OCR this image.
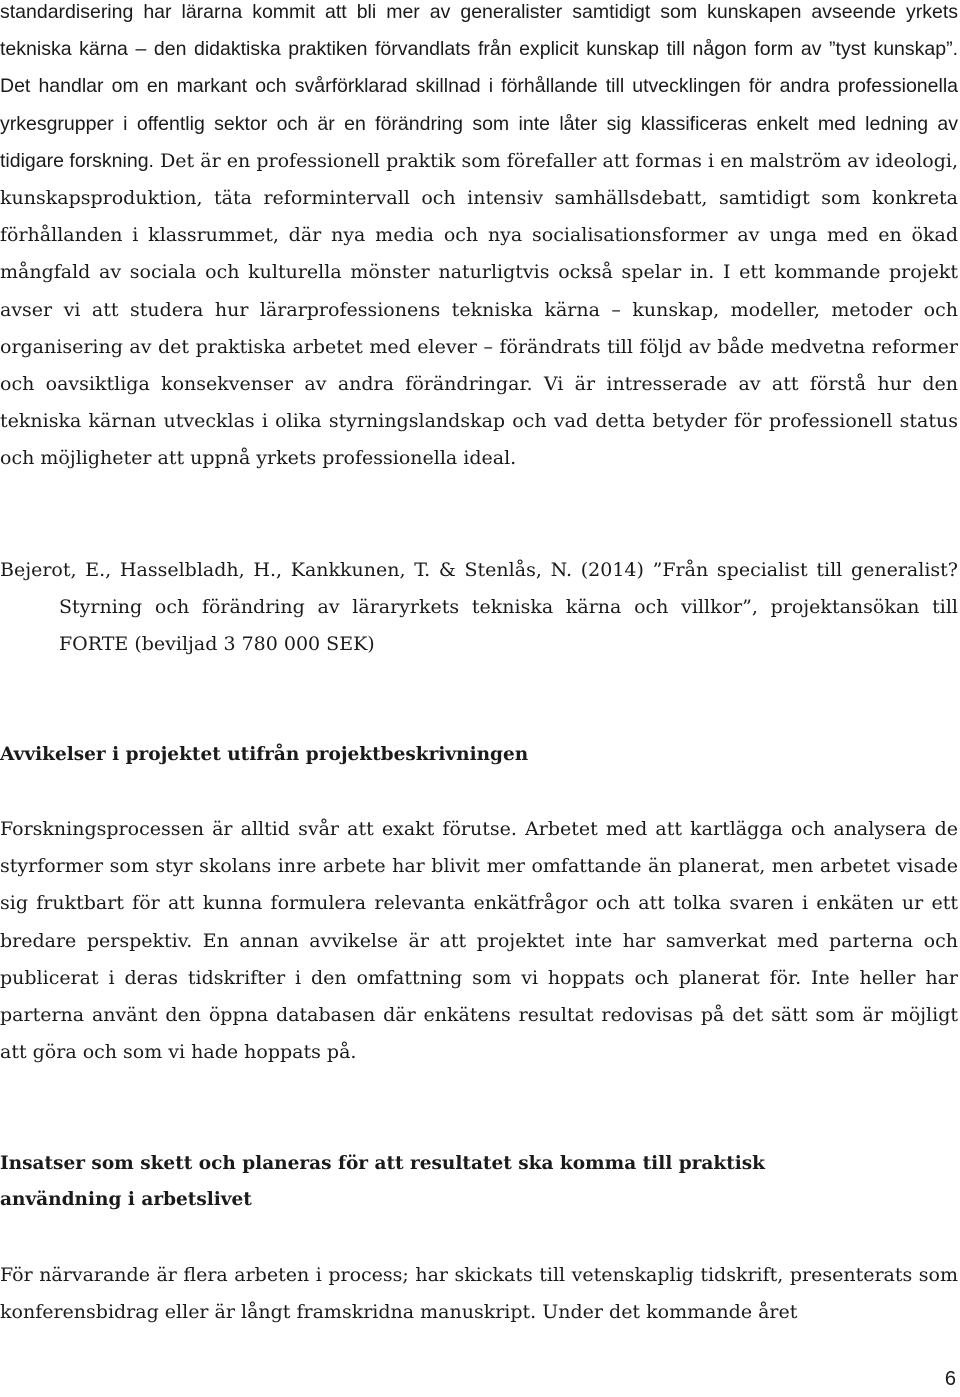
standardisering har lärarna kommit att bli mer av generalister samtidigt som kunskapen avseende yrkets tekniska kärna – den didaktiska praktiken förvandlats från explicit kunskap till någon form av ”tyst kunskap”. Det handlar om en markant och svårförklarad skillnad i förhållande till utvecklingen för andra professionella yrkesgrupper i offentlig sektor och är en förändring som inte låter sig klassificeras enkelt med ledning av tidigare forskning. Det är en professionell praktik som förefaller att formas i en malström av ideologi, kunskapsproduktion, täta reformintervall och intensiv samhällsdebatt, samtidigt som konkreta förhållanden i klassrummet, där nya media och nya socialisationsformer av unga med en ökad mångfald av sociala och kulturella mönster naturligtvis också spelar in. I ett kommande projekt avser vi att studera hur lärarprofessionens tekniska kärna – kunskap, modeller, metoder och organisering av det praktiska arbetet med elever – förändrats till följd av både medvetna reformer och oavsiktliga konsekvenser av andra förändringar. Vi är intresserade av att förstå hur den tekniska kärnan utvecklas i olika styrningslandskap och vad detta betyder för professionell status och möjligheter att uppnå yrkets professionella ideal.

Bejerot, E., Hasselbladh, H., Kankkunen, T. & Stenlås, N. (2014) ”Från specialist till generalist? Styrning och förändring av läraryrkets tekniska kärna och villkor”, projektansökan till FORTE (beviljad 3 780 000 SEK)

Avvikelser i projektet utifrån projektbeskrivningen

Forskningsprocessen är alltid svår att exakt förutse. Arbetet med att kartlägga och analysera de styrformer som styr skolans inre arbete har blivit mer omfattande än planerat, men arbetet visade sig fruktbart för att kunna formulera relevanta enkätfrågor och att tolka svaren i enkäten ur ett bredare perspektiv. En annan avvikelse är att projektet inte har samverkat med parterna och publicerat i deras tidskrifter i den omfattning som vi hoppats och planerat för. Inte heller har parterna använt den öppna databasen där enkätens resultat redovisas på det sätt som är möjligt att göra och som vi hade hoppats på.

Insatser som skett och planeras för att resultatet ska komma till praktisk användning i arbetslivet

För närvarande är flera arbeten i process; har skickats till vetenskaplig tidskrift, presenterats som konferensbidrag eller är långt framskridna manuskript. Under det kommande året

6
